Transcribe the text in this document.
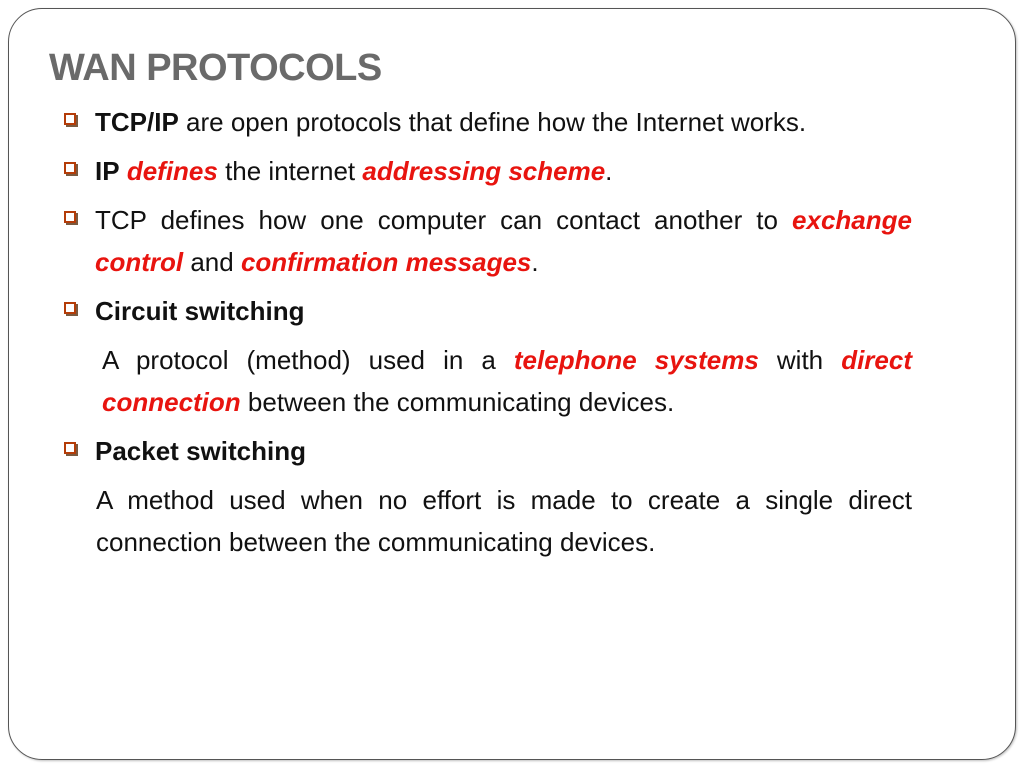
WAN PROTOCOLS
TCP/IP are open protocols that define how the Internet works.
IP defines the internet addressing scheme.
TCP defines how one computer can contact another to exchange control and confirmation messages.
Circuit switching
A protocol (method) used in a telephone systems with direct connection between the communicating devices.
Packet switching
A method used when no effort is made to create a single direct connection between the communicating devices.
